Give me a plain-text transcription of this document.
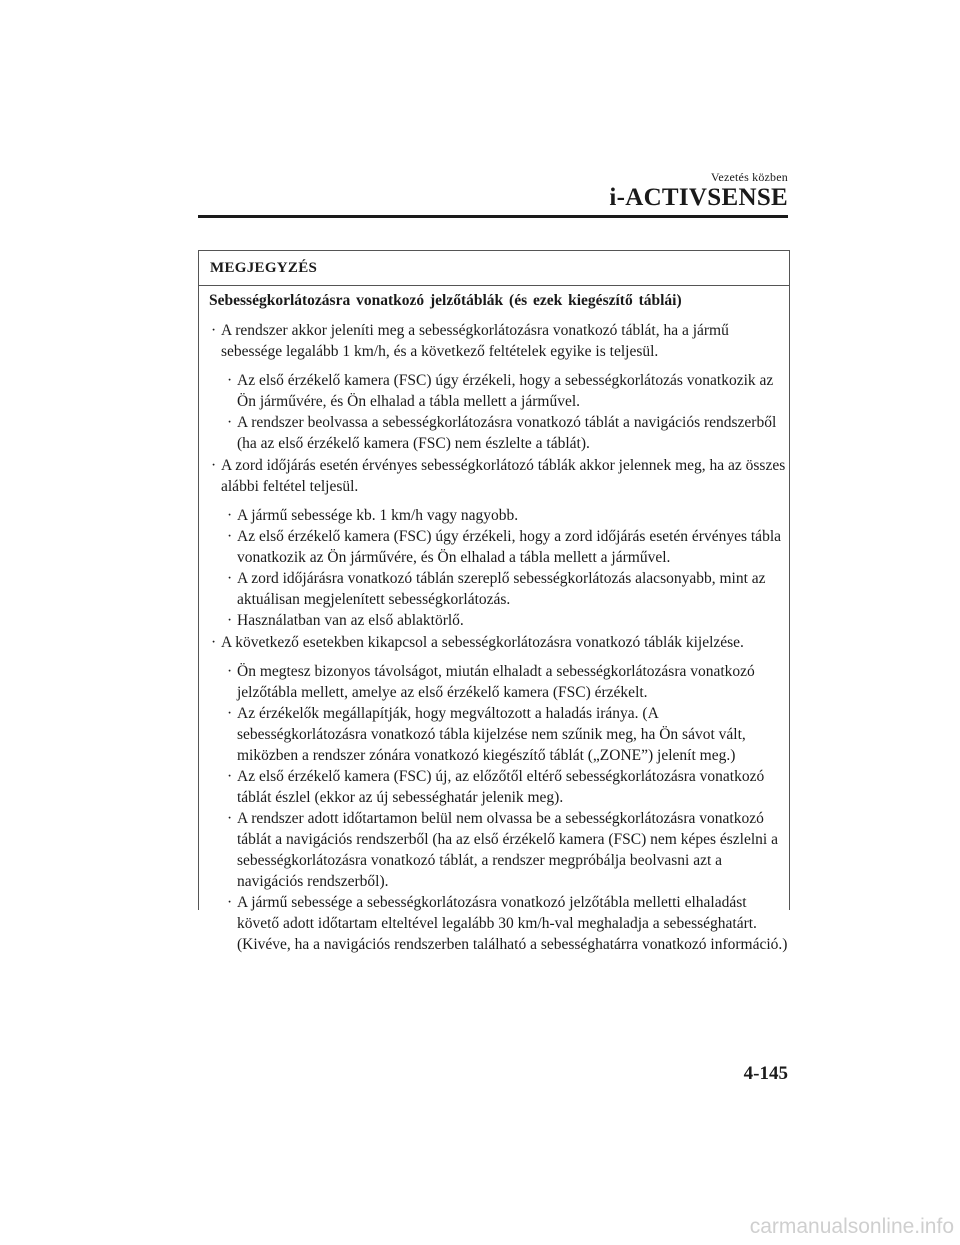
Vezetés közben
i-ACTIVSENSE
MEGJEGYZÉS
Sebességkorlátozásra vonatkozó jelzőtáblák (és ezek kiegészítő táblái)
· A rendszer akkor jeleníti meg a sebességkorlátozásra vonatkozó táblát, ha a jármű sebessége legalább 1 km/h, és a következő feltételek egyike is teljesül.
· Az első érzékelő kamera (FSC) úgy érzékeli, hogy a sebességkorlátozás vonatkozik az Ön járművére, és Ön elhalad a tábla mellett a járművel.
· A rendszer beolvassa a sebességkorlátozásra vonatkozó táblát a navigációs rendszerből (ha az első érzékelő kamera (FSC) nem észlelte a táblát).
· A zord időjárás esetén érvényes sebességkorlátozó táblák akkor jelennek meg, ha az összes alábbi feltétel teljesül.
· A jármű sebessége kb. 1 km/h vagy nagyobb.
· Az első érzékelő kamera (FSC) úgy érzékeli, hogy a zord időjárás esetén érvényes tábla vonatkozik az Ön járművére, és Ön elhalad a tábla mellett a járművel.
· A zord időjárásra vonatkozó táblán szereplő sebességkorlátozás alacsonyabb, mint az aktuálisan megjelenített sebességkorlátozás.
· Használatban van az első ablaktörlő.
· A következő esetekben kikapcsol a sebességkorlátozásra vonatkozó táblák kijelzése.
· Ön megtesz bizonyos távolságot, miután elhaladt a sebességkorlátozásra vonatkozó jelzőtábla mellett, amelye az első érzékelő kamera (FSC) érzékelt.
· Az érzékelők megállapítják, hogy megváltozott a haladás iránya. (A sebességkorlátozásra vonatkozó tábla kijelzése nem szűnik meg, ha Ön sávot vált, miközben a rendszer zónára vonatkozó kiegészítő táblát („ZONE”) jelenít meg.)
· Az első érzékelő kamera (FSC) új, az előzőtől eltérő sebességkorlátozásra vonatkozó táblát észlel (ekkor az új sebességhatár jelenik meg).
· A rendszer adott időtartamon belül nem olvassa be a sebességkorlátozásra vonatkozó táblát a navigációs rendszerből (ha az első érzékelő kamera (FSC) nem képes észlelni a sebességkorlátozásra vonatkozó táblát, a rendszer megpróbálja beolvasni azt a navigációs rendszerből).
· A jármű sebessége a sebességkorlátozásra vonatkozó jelzőtábla melletti elhaladást követő adott időtartam elteltével legalább 30 km/h-val meghaladja a sebességhatárt. (Kivéve, ha a navigációs rendszerben található a sebességhatárra vonatkozó információ.)
4-145
carmanualsonline.info
